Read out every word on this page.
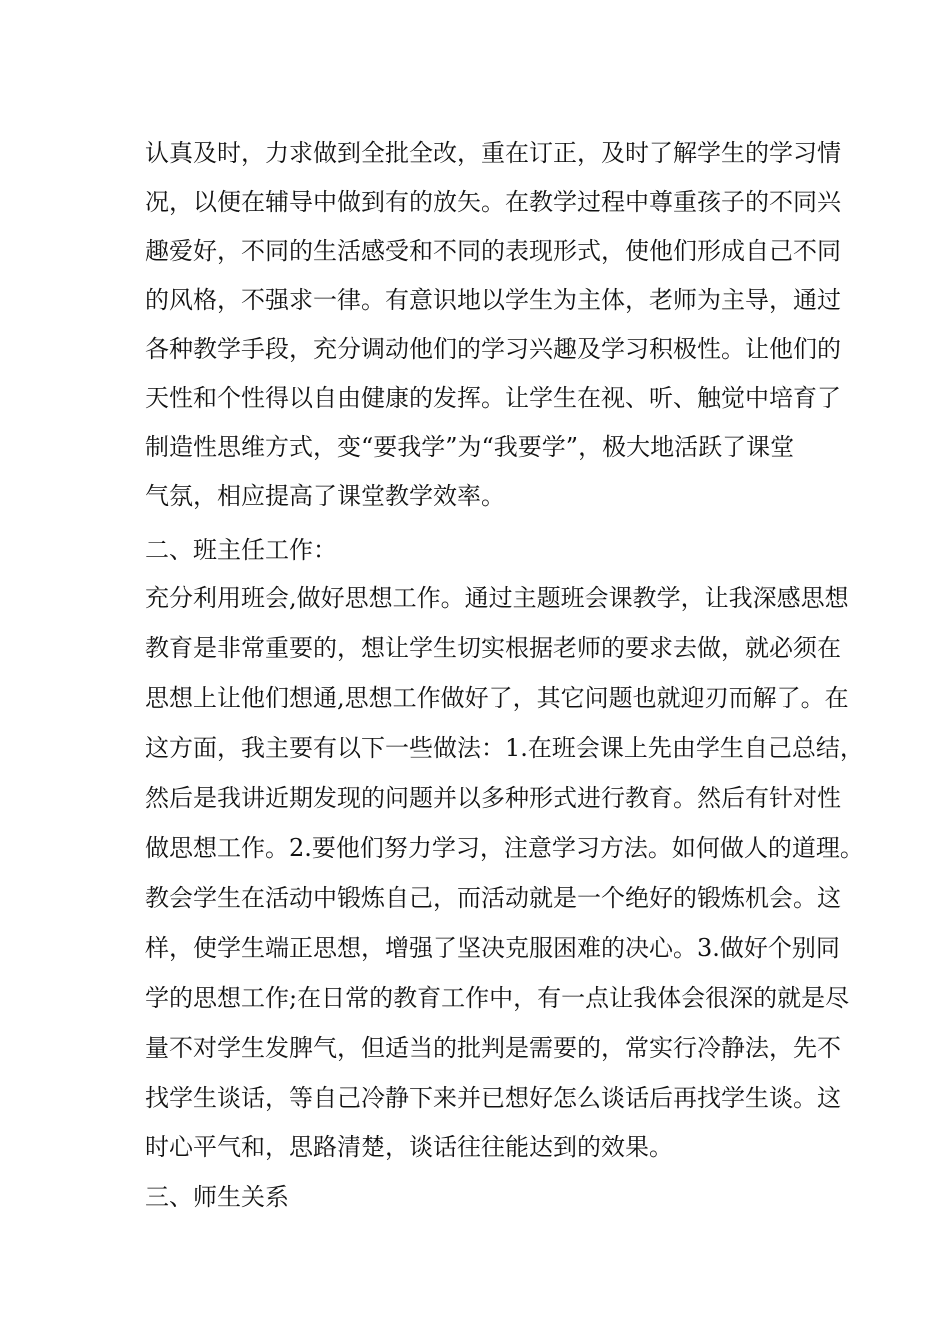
认真及时，力求做到全批全改，重在订正，及时了解学生的学习情
况，以便在辅导中做到有的放矢。在教学过程中尊重孩子的不同兴
趣爱好，不同的生活感受和不同的表现形式，使他们形成自己不同
的风格，不强求一律。有意识地以学生为主体，老师为主导，通过
各种教学手段，充分调动他们的学习兴趣及学习积极性。让他们的
天性和个性得以自由健康的发挥。让学生在视、听、触觉中培育了
制造性思维方式，变“要我学”为“我要学”，极大地活跃了课堂
气氛，相应提高了课堂教学效率。
二、班主任工作：
充分利用班会,做好思想工作。通过主题班会课教学，让我深感思想
教育是非常重要的，想让学生切实根据老师的要求去做，就必须在
思想上让他们想通,思想工作做好了，其它问题也就迎刃而解了。在
这方面，我主要有以下一些做法：1.在班会课上先由学生自己总结，
然后是我讲近期发现的问题并以多种形式进行教育。然后有针对性
做思想工作。2.要他们努力学习，注意学习方法。如何做人的道理。
教会学生在活动中锻炼自己，而活动就是一个绝好的锻炼机会。这
样，使学生端正思想，增强了坚决克服困难的决心。3.做好个别同
学的思想工作;在日常的教育工作中，有一点让我体会很深的就是尽
量不对学生发脾气，但适当的批判是需要的，常实行冷静法，先不
找学生谈话，等自己冷静下来并已想好怎么谈话后再找学生谈。这
时心平气和，思路清楚，谈话往往能达到的效果。
三、师生关系
